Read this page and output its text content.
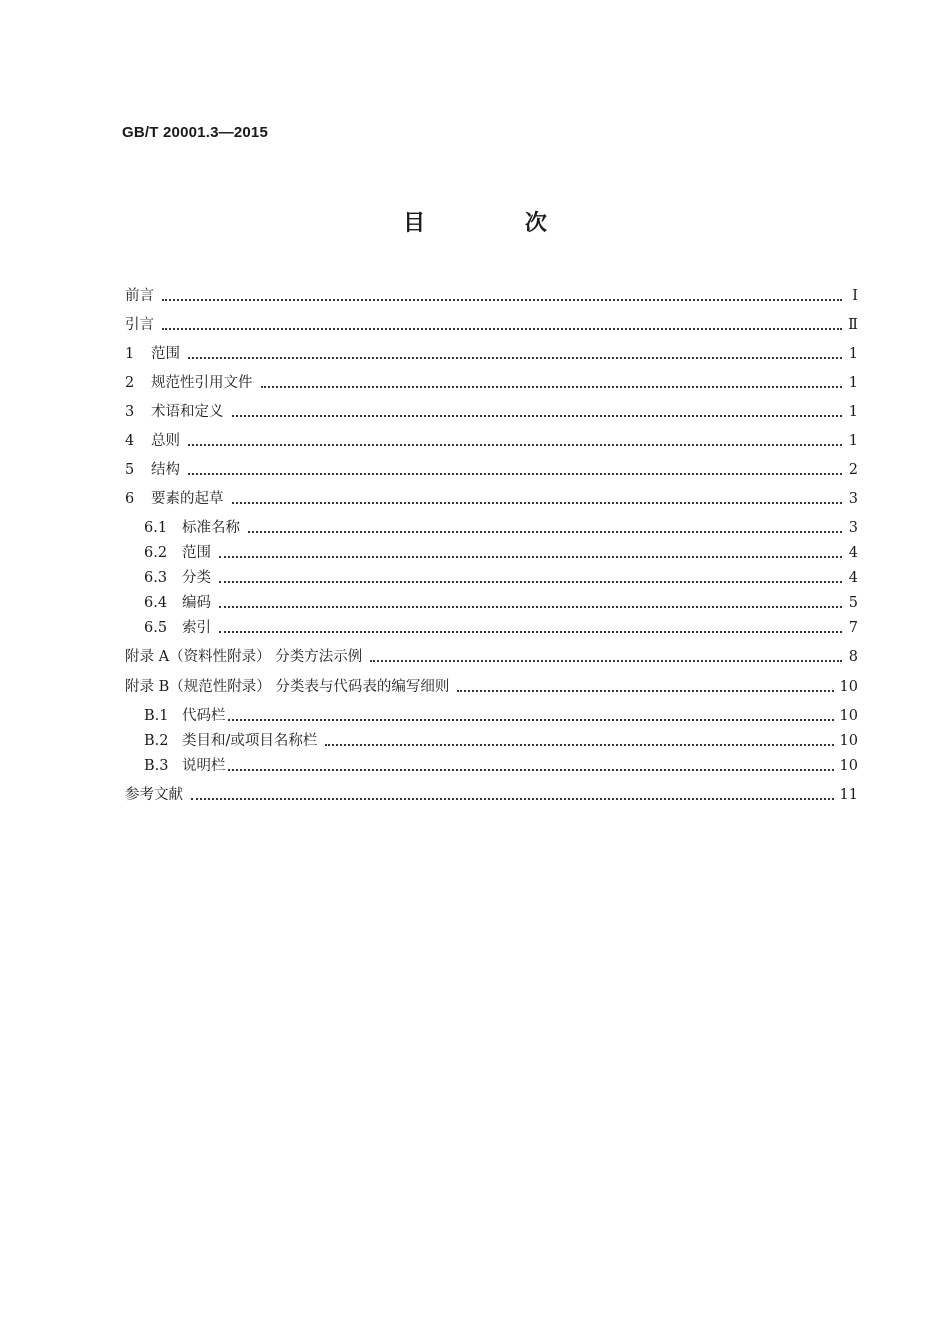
GB/T 20001.3—2015
目 次
前言	Ⅰ
引言	Ⅱ
1	范围	1
2	规范性引用文件	1
3	术语和定义	1
4	总则	1
5	结构	2
6	要素的起草	3
6.1	标准名称	3
6.2	范围	4
6.3	分类	4
6.4	编码	5
6.5	索引	7
附录 A（资料性附录） 分类方法示例	8
附录 B（规范性附录） 分类表与代码表的编写细则	10
B.1 代码栏	10
B.2 类目和/或项目名称栏	10
B.3 说明栏	10
参考文献	11
